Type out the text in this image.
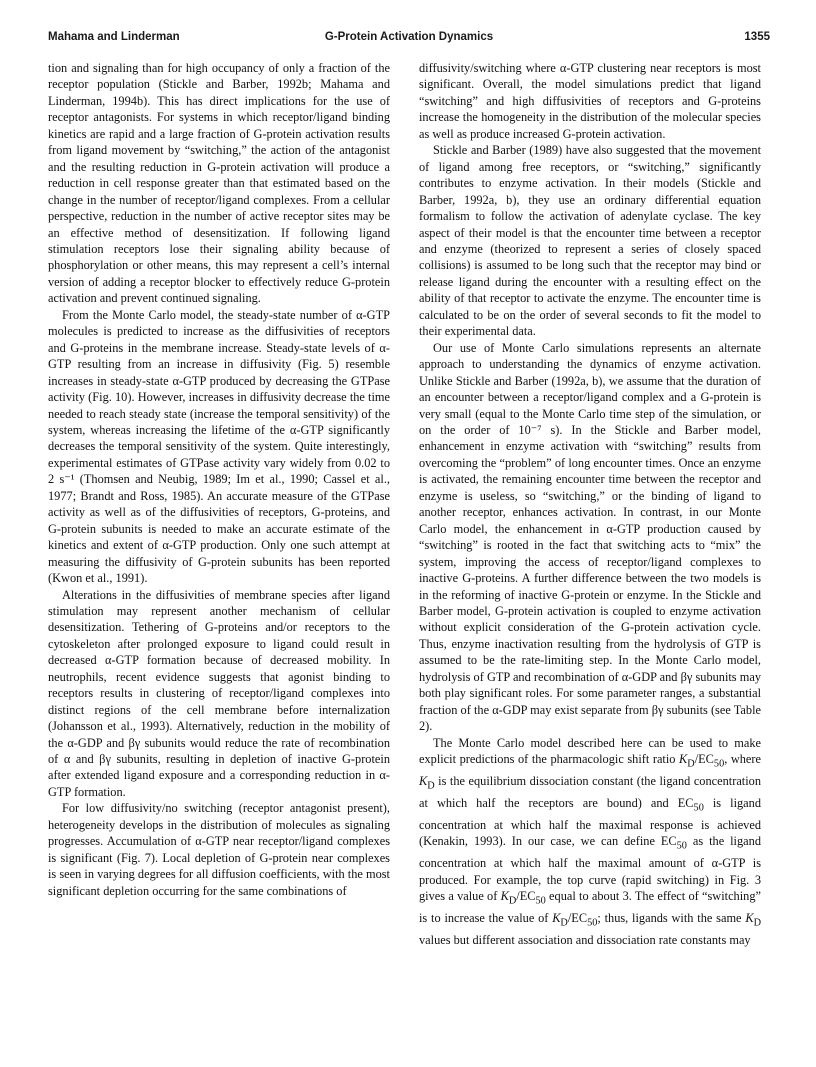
Mahama and Linderman	G-Protein Activation Dynamics	1355

tion and signaling than for high occupancy of only a fraction of the receptor population (Stickle and Barber, 1992b; Mahama and Linderman, 1994b). This has direct implications for the use of receptor antagonists. For systems in which receptor/ligand binding kinetics are rapid and a large fraction of G-protein activation results from ligand movement by “switching,” the action of the antagonist and the resulting reduction in G-protein activation will produce a reduction in cell response greater than that estimated based on the change in the number of receptor/ligand complexes. From a cellular perspective, reduction in the number of active receptor sites may be an effective method of desensitization. If following ligand stimulation receptors lose their signaling ability because of phosphorylation or other means, this may represent a cell’s internal version of adding a receptor blocker to effectively reduce G-protein activation and prevent continued signaling.

From the Monte Carlo model, the steady-state number of α-GTP molecules is predicted to increase as the diffusivities of receptors and G-proteins in the membrane increase. Steady-state levels of α-GTP resulting from an increase in diffusivity (Fig. 5) resemble increases in steady-state α-GTP produced by decreasing the GTPase activity (Fig. 10). However, increases in diffusivity decrease the time needed to reach steady state (increase the temporal sensitivity) of the system, whereas increasing the lifetime of the α-GTP significantly decreases the temporal sensitivity of the system. Quite interestingly, experimental estimates of GTPase activity vary widely from 0.02 to 2 s⁻¹ (Thomsen and Neubig, 1989; Im et al., 1990; Cassel et al., 1977; Brandt and Ross, 1985). An accurate measure of the GTPase activity as well as of the diffusivities of receptors, G-proteins, and G-protein subunits is needed to make an accurate estimate of the kinetics and extent of α-GTP production. Only one such attempt at measuring the diffusivity of G-protein subunits has been reported (Kwon et al., 1991).

Alterations in the diffusivities of membrane species after ligand stimulation may represent another mechanism of cellular desensitization. Tethering of G-proteins and/or receptors to the cytoskeleton after prolonged exposure to ligand could result in decreased α-GTP formation because of decreased mobility. In neutrophils, recent evidence suggests that agonist binding to receptors results in clustering of receptor/ligand complexes into distinct regions of the cell membrane before internalization (Johansson et al., 1993). Alternatively, reduction in the mobility of the α-GDP and βγ subunits would reduce the rate of recombination of α and βγ subunits, resulting in depletion of inactive G-protein after extended ligand exposure and a corresponding reduction in α-GTP formation.

For low diffusivity/no switching (receptor antagonist present), heterogeneity develops in the distribution of molecules as signaling progresses. Accumulation of α-GTP near receptor/ligand complexes is significant (Fig. 7). Local depletion of G-protein near complexes is seen in varying degrees for all diffusion coefficients, with the most significant depletion occurring for the same combinations of

diffusivity/switching where α-GTP clustering near receptors is most significant. Overall, the model simulations predict that ligand “switching” and high diffusivities of receptors and G-proteins increase the homogeneity in the distribution of the molecular species as well as produce increased G-protein activation.

Stickle and Barber (1989) have also suggested that the movement of ligand among free receptors, or “switching,” significantly contributes to enzyme activation. In their models (Stickle and Barber, 1992a, b), they use an ordinary differential equation formalism to follow the activation of adenylate cyclase. The key aspect of their model is that the encounter time between a receptor and enzyme (theorized to represent a series of closely spaced collisions) is assumed to be long such that the receptor may bind or release ligand during the encounter with a resulting effect on the ability of that receptor to activate the enzyme. The encounter time is calculated to be on the order of several seconds to fit the model to their experimental data.

Our use of Monte Carlo simulations represents an alternate approach to understanding the dynamics of enzyme activation. Unlike Stickle and Barber (1992a, b), we assume that the duration of an encounter between a receptor/ligand complex and a G-protein is very small (equal to the Monte Carlo time step of the simulation, or on the order of 10⁻⁷ s). In the Stickle and Barber model, enhancement in enzyme activation with “switching” results from overcoming the “problem” of long encounter times. Once an enzyme is activated, the remaining encounter time between the receptor and enzyme is useless, so “switching,” or the binding of ligand to another receptor, enhances activation. In contrast, in our Monte Carlo model, the enhancement in α-GTP production caused by “switching” is rooted in the fact that switching acts to “mix” the system, improving the access of receptor/ligand complexes to inactive G-proteins. A further difference between the two models is in the reforming of inactive G-protein or enzyme. In the Stickle and Barber model, G-protein activation is coupled to enzyme activation without explicit consideration of the G-protein activation cycle. Thus, enzyme inactivation resulting from the hydrolysis of GTP is assumed to be the rate-limiting step. In the Monte Carlo model, hydrolysis of GTP and recombination of α-GDP and βγ subunits may both play significant roles. For some parameter ranges, a substantial fraction of the α-GDP may exist separate from βγ subunits (see Table 2).

The Monte Carlo model described here can be used to make explicit predictions of the pharmacologic shift ratio $K_D/EC_{50}$, where $K_D$ is the equilibrium dissociation constant (the ligand concentration at which half the receptors are bound) and $EC_{50}$ is ligand concentration at which half the maximal response is achieved (Kenakin, 1993). In our case, we can define $EC_{50}$ as the ligand concentration at which half the maximal amount of α-GTP is produced. For example, the top curve (rapid switching) in Fig. 3 gives a value of $K_D/EC_{50}$ equal to about 3. The effect of “switching” is to increase the value of $K_D/EC_{50}$; thus, ligands with the same $K_D$ values but different association and dissociation rate constants may
